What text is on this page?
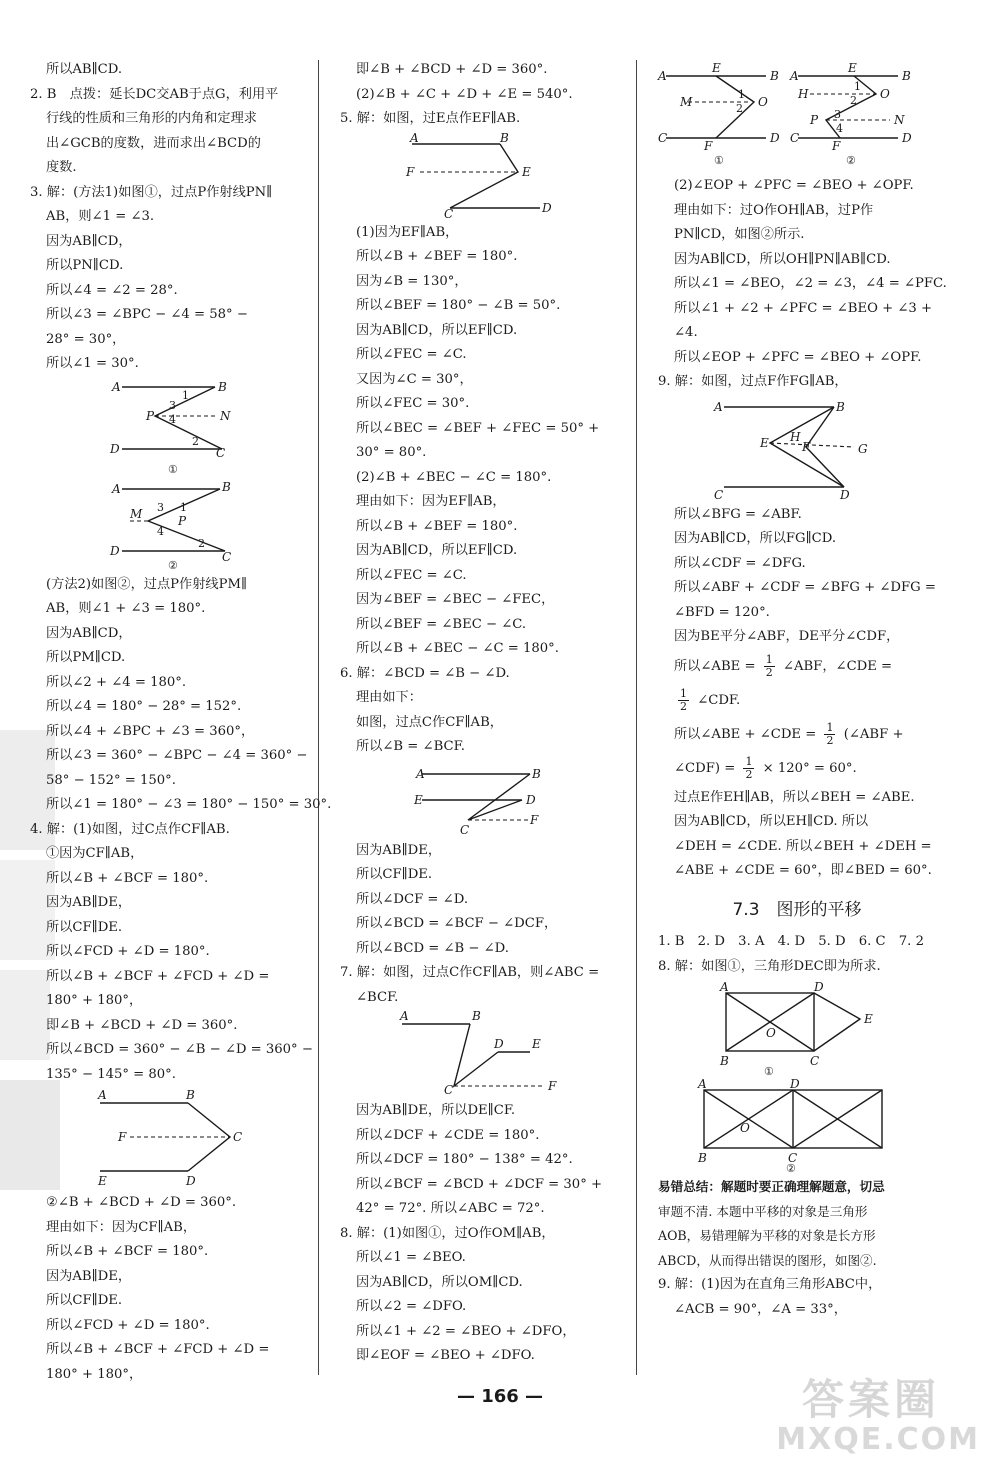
所以AB∥CD.
2. B　点拨：延长DC交AB于点G，利用平
行线的性质和三角形的内角和定理求
出∠GCB的度数，进而求出∠BCD的
度数.
3. 解：(方法1)如图①，过点P作射线PN∥
AB，则∠1 = ∠3.
因为AB∥CD，
所以PN∥CD.
所以∠4 = ∠2 = 28°.
所以∠3 = ∠BPC − ∠4 = 58° −
28° = 30°，
所以∠1 = 30°.
A	B
P	N
D	C
1
3
4
2
①
A	B
M	P
D	C
3 1
4
2
②
(方法2)如图②，过点P作射线PM∥
AB，则∠1 + ∠3 = 180°.
因为AB∥CD，
所以PM∥CD.
所以∠2 + ∠4 = 180°.
所以∠4 = 180° − 28° = 152°.
所以∠4 + ∠BPC + ∠3 = 360°，
所以∠3 = 360° − ∠BPC − ∠4 = 360° −
58° − 152° = 150°.
所以∠1 = 180° − ∠3 = 180° − 150° = 30°.
4. 解：(1)如图，过C点作CF∥AB.
①因为CF∥AB，
所以∠B + ∠BCF = 180°.
因为AB∥DE，
所以CF∥DE.
所以∠FCD + ∠D = 180°.
所以∠B + ∠BCF + ∠FCD + ∠D =
180° + 180°，
即∠B + ∠BCD + ∠D = 360°.
所以∠BCD = 360° − ∠B − ∠D = 360° −
135° − 145° = 80°.
A	B
F	C
E	D
②∠B + ∠BCD + ∠D = 360°.
理由如下：因为CF∥AB，
所以∠B + ∠BCF = 180°.
因为AB∥DE，
所以CF∥DE.
所以∠FCD + ∠D = 180°.
所以∠B + ∠BCF + ∠FCD + ∠D =
180° + 180°，
即∠B + ∠BCD + ∠D = 360°.
(2)∠B + ∠C + ∠D + ∠E = 540°.
5. 解：如图，过E点作EF∥AB.
A	B
F	E
C	D
(1)因为EF∥AB，
所以∠B + ∠BEF = 180°.
因为∠B = 130°，
所以∠BEF = 180° − ∠B = 50°.
因为AB∥CD，所以EF∥CD.
所以∠FEC = ∠C.
又因为∠C = 30°，
所以∠FEC = 30°.
所以∠BEC = ∠BEF + ∠FEC = 50° +
30° = 80°.
(2)∠B + ∠BEC − ∠C = 180°.
理由如下：因为EF∥AB，
所以∠B + ∠BEF = 180°.
因为AB∥CD，所以EF∥CD.
所以∠FEC = ∠C.
因为∠BEF = ∠BEC − ∠FEC，
所以∠BEF = ∠BEC − ∠C.
所以∠B + ∠BEC − ∠C = 180°.
6. 解：∠BCD = ∠B − ∠D.
理由如下：
如图，过点C作CF∥AB，
所以∠B = ∠BCF.
A	B
E	D
C
F
因为AB∥DE，
所以CF∥DE.
所以∠DCF = ∠D.
所以∠BCD = ∠BCF − ∠DCF，
所以∠BCD = ∠B − ∠D.
7. 解：如图，过点C作CF∥AB，则∠ABC =
∠BCF.
A	B
D E
C	F
因为AB∥DE，所以DE∥CF.
所以∠DCF + ∠CDE = 180°.
所以∠DCF = 180° − 138° = 42°.
所以∠BCF = ∠BCD + ∠DCF = 30° +
42° = 72°. 所以∠ABC = 72°.
8. 解：(1)如图①，过O作OM∥AB，
所以∠1 = ∠BEO.
因为AB∥CD，所以OM∥CD.
所以∠2 = ∠DFO.
所以∠1 + ∠2 = ∠BEO + ∠DFO，
即∠EOF = ∠BEO + ∠DFO.
A
E
B
M	O
C
F
D
1
2
①
A
E
B
H	O
P	N
C
F
D
1
2
3
4
②
(2)∠EOP + ∠PFC = ∠BEO + ∠OPF.
理由如下：过O作OH∥AB，过P作
PN∥CD，如图②所示.
因为AB∥CD，所以OH∥PN∥AB∥CD.
所以∠1 = ∠BEO，∠2 = ∠3，∠4 = ∠PFC.
所以∠1 + ∠2 + ∠PFC = ∠BEO + ∠3 +
∠4.
所以∠EOP + ∠PFC = ∠BEO + ∠OPF.
9. 解：如图，过点F作FG∥AB，
A	B
E H
F	G
C	D
所以∠BFG = ∠ABF.
因为AB∥CD，所以FG∥CD.
所以∠CDF = ∠DFG.
所以∠ABF + ∠CDF = ∠BFG + ∠DFG =
∠BFD = 120°.
因为BE平分∠ABF，DE平分∠CDF，
所以∠ABE = $\frac{1}{2}$ ∠ABF，∠CDE =
$\frac{1}{2}$ ∠CDF.
所以∠ABE + ∠CDE = $\frac{1}{2}$ (∠ABF +
∠CDF) = $\frac{1}{2} \times 120^\circ = 60^\circ$.
过点E作EH∥AB，所以∠BEH = ∠ABE.
因为AB∥CD，所以EH∥CD. 所以
∠DEH = ∠CDE. 所以∠BEH + ∠DEH =
∠ABE + ∠CDE = 60°，即∠BED = 60°.
7.3　图形的平移
1. B　2. D　3. A　4. D　5. D　6. C　7. 2
8. 解：如图①，三角形DEC即为所求.
A	D
O
E
B	C
①
A	D
O
B	C
②
易错总结：解题时要正确理解题意，切忌
审题不清. 本题中平移的对象是三角形
AOB，易错理解为平移的对象是长方形
ABCD，从而得出错误的图形，如图②.
9. 解：(1)因为在直角三角形ABC中，
∠ACB = 90°，∠A = 33°，
— 166 —	答案圈
MXQE.COM
